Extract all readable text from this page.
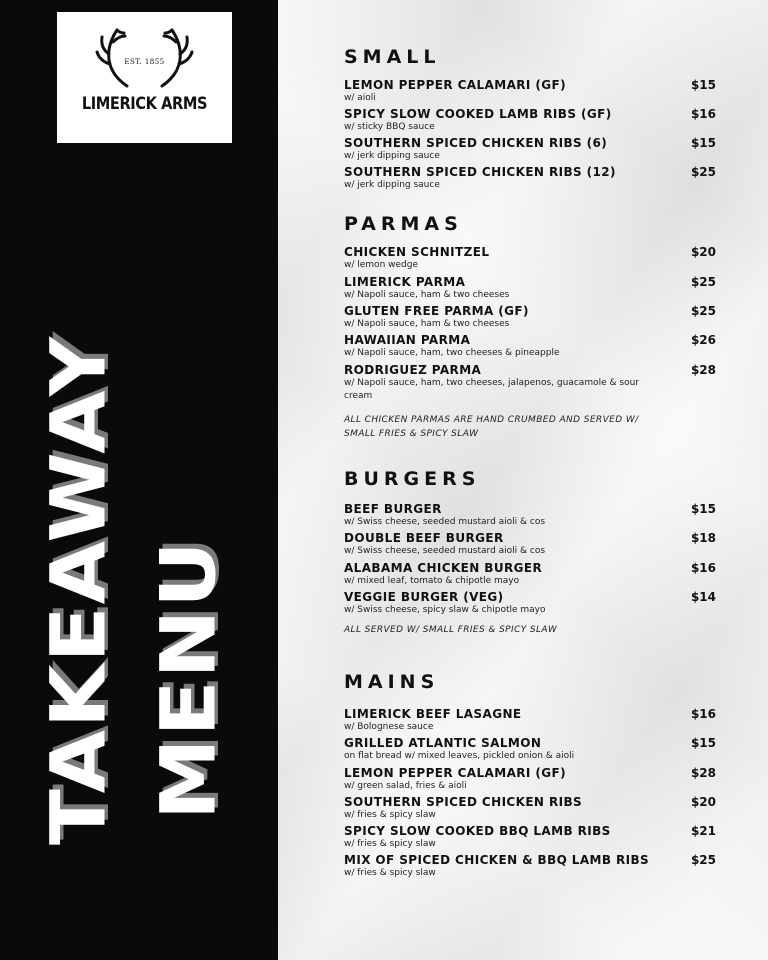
EST. 1855
LIMERICK ARMS
TAKEAWAY MENU
SMALL
LEMON PEPPER CALAMARI (GF)
w/ aioli
$15
SPICY SLOW COOKED LAMB RIBS (GF)
w/ sticky BBQ sauce
$16
SOUTHERN SPICED CHICKEN RIBS (6)
w/ jerk dipping sauce
$15
SOUTHERN SPICED CHICKEN RIBS (12)
w/ jerk dipping sauce
$25
PARMAS
CHICKEN SCHNITZEL
w/ lemon wedge
$20
LIMERICK PARMA
w/ Napoli sauce, ham & two cheeses
$25
GLUTEN FREE PARMA (GF)
w/ Napoli sauce, ham & two cheeses
$25
HAWAIIAN PARMA
w/ Napoli sauce, ham, two cheeses & pineapple
$26
RODRIGUEZ PARMA
w/ Napoli sauce, ham, two cheeses, jalapenos, guacamole & sour cream
$28
ALL CHICKEN PARMAS ARE HAND CRUMBED AND SERVED W/ SMALL FRIES & SPICY SLAW
BURGERS
BEEF BURGER
w/ Swiss cheese, seeded mustard aioli & cos
$15
DOUBLE BEEF BURGER
w/ Swiss cheese, seeded mustard aioli & cos
$18
ALABAMA CHICKEN BURGER
w/ mixed leaf, tomato & chipotle mayo
$16
VEGGIE BURGER (VEG)
w/ Swiss cheese, spicy slaw & chipotle mayo
$14
ALL SERVED W/ SMALL FRIES & SPICY SLAW
MAINS
LIMERICK BEEF LASAGNE
w/ Bolognese sauce
$16
GRILLED ATLANTIC SALMON
on flat bread w/ mixed leaves, pickled onion & aioli
$15
LEMON PEPPER CALAMARI (GF)
w/ green salad, fries & aioli
$28
SOUTHERN SPICED CHICKEN RIBS
w/ fries & spicy slaw
$20
SPICY SLOW COOKED BBQ LAMB RIBS
w/ fries & spicy slaw
$21
MIX OF SPICED CHICKEN & BBQ LAMB RIBS
w/ fries & spicy slaw
$25
